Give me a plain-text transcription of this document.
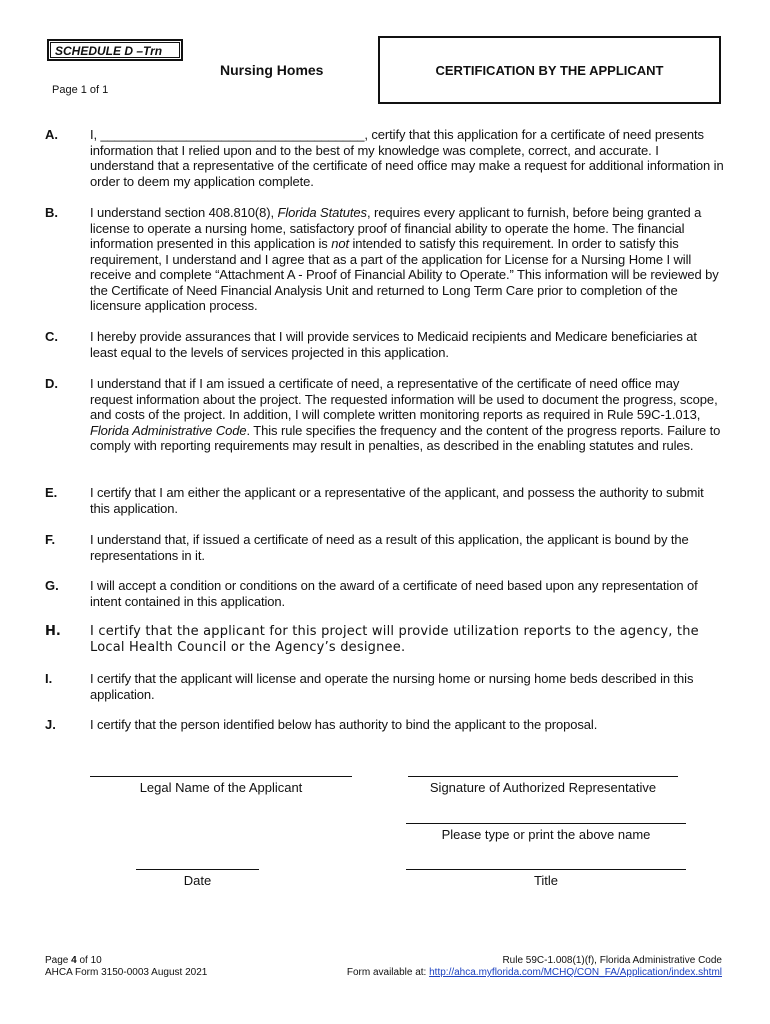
SCHEDULE D –Trn
Nursing Homes
Page 1 of 1
CERTIFICATION BY THE APPLICANT
A. I, _____________________________________, certify that this application for a certificate of need presents information that I relied upon and to the best of my knowledge was complete, correct, and accurate. I understand that a representative of the certificate of need office may make a request for additional information in order to deem my application complete.
B. I understand section 408.810(8), Florida Statutes, requires every applicant to furnish, before being granted a license to operate a nursing home, satisfactory proof of financial ability to operate the home. The financial information presented in this application is not intended to satisfy this requirement. In order to satisfy this requirement, I understand and I agree that as a part of the application for License for a Nursing Home I will receive and complete “Attachment A - Proof of Financial Ability to Operate.” This information will be reviewed by the Certificate of Need Financial Analysis Unit and returned to Long Term Care prior to completion of the licensure application process.
C. I hereby provide assurances that I will provide services to Medicaid recipients and Medicare beneficiaries at least equal to the levels of services projected in this application.
D. I understand that if I am issued a certificate of need, a representative of the certificate of need office may request information about the project. The requested information will be used to document the progress, scope, and costs of the project. In addition, I will complete written monitoring reports as required in Rule 59C-1.013, Florida Administrative Code. This rule specifies the frequency and the content of the progress reports. Failure to comply with reporting requirements may result in penalties, as described in the enabling statutes and rules.
E.	I certify that I am either the applicant or a representative of the applicant, and possess the authority to submit this application.
F.	I understand that, if issued a certificate of need as a result of this application, the applicant is bound by the representations in it.
G. I will accept a condition or conditions on the award of a certificate of need based upon any representation of intent contained in this application.
H. I certify that the applicant for this project will provide utilization reports to the agency, the Local Health Council or the Agency’s designee.
I.	I certify that the applicant will license and operate the nursing home or nursing home beds described in this application.
J.	I certify that the person identified below has authority to bind the applicant to the proposal.
Legal Name of the Applicant	Signature of Authorized Representative
Please type or print the above name
Date	Title
Page 4 of 10
AHCA Form 3150-0003 August 2021
Rule 59C-1.008(1)(f), Florida Administrative Code
Form available at: http://ahca.myflorida.com/MCHQ/CON_FA/Application/index.shtml
